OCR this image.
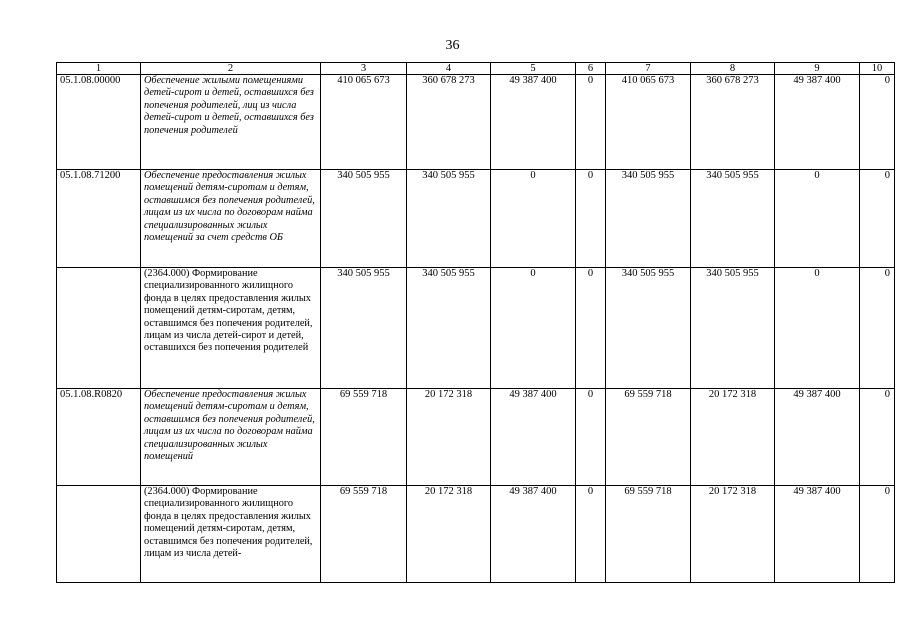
36
1	2	3	4	5	6	7	8	9	10
05.1.08.00000	Обеспечение жилыми помещениями детей-сирот и детей, оставшихся без попечения родителей, лиц из числа детей-сирот и детей, оставшихся без попечения родителей	410 065 673	360 678 273	49 387 400	0	410 065 673	360 678 273	49 387 400	0
05.1.08.71200	Обеспечение предоставления жилых помещений детям-сиротам и детям, оставшимся без попечения родителей, лицам из их числа по договорам найма специализированных жилых помещений за счет средств ОБ	340 505 955	340 505 955	0	0	340 505 955	340 505 955	0	0
	(2364.000) Формирование специализированного жилищного фонда в целях предоставления жилых помещений детям-сиротам, детям, оставшимся без попечения родителей, лицам из числа детей-сирот и детей, оставшихся без попечения родителей	340 505 955	340 505 955	0	0	340 505 955	340 505 955	0	0
05.1.08.R0820	Обеспечение предоставления жилых помещений детям-сиротам и детям, оставшимся без попечения родителей, лицам из их числа по договорам найма специализированных жилых помещений	69 559 718	20 172 318	49 387 400	0	69 559 718	20 172 318	49 387 400	0
	(2364.000) Формирование специализированного жилищного фонда в целях предоставления жилых помещений детям-сиротам, детям, оставшимся без попечения родителей, лицам из числа детей-	69 559 718	20 172 318	49 387 400	0	69 559 718	20 172 318	49 387 400	0
